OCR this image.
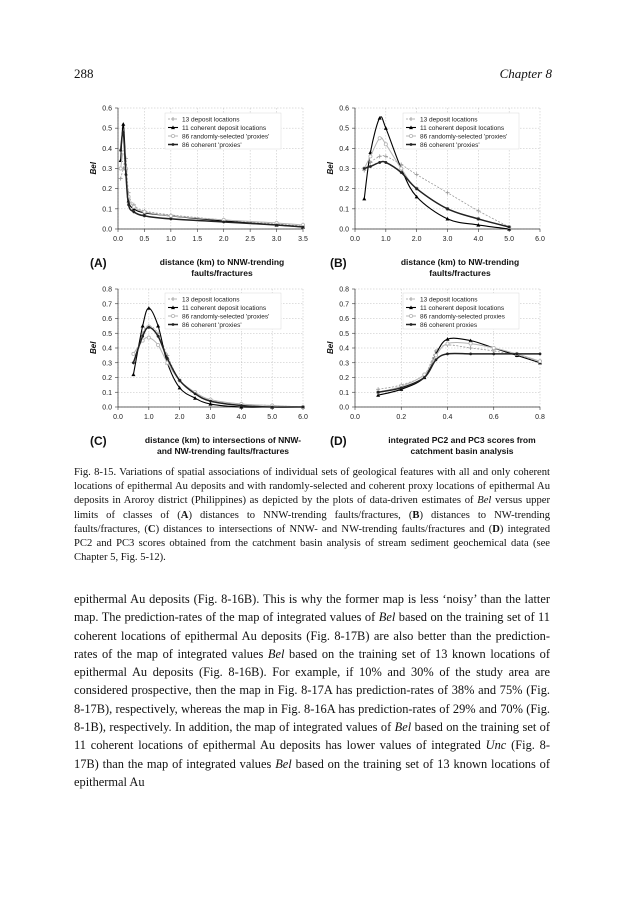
288	Chapter 8
0.0
0.1
0.2
0.3
0.4
0.5
0.6
0.0 0.5 1.0 1.5 2.0 2.5 3.0 3.5
Bel
13 deposit locations
11 coherent deposit locations
86 randomly-selected 'proxies'
86 coherent 'proxies'
(A)	distance (km) to NNW-trending
faults/fractures
0.0
0.1
0.2
0.3
0.4
0.5
0.6
0.0	1.0	2.0	3.0	4.0	5.0	6.0
Bel
13 deposit locations
11 coherent deposit locations
86 randomly-selected 'proxies'
86 coherent 'proxies'
(B)	distance (km) to NW-trending
faults/fractures
0.0
0.1
0.2
0.3
0.4
0.5
0.6
0.7
0.8
0.0	1.0	2.0	3.0	4.0	5.0	6.0
Bel
13 deposit locations
11 coherent deposit locations
86 randomly-selected 'proxies'
86 coherent 'proxies'
(C)	distance (km) to intersections of NNW-
and NW-trending faults/fractures
0.0
0.1
0.2
0.3
0.4
0.5
0.6
0.7
0.8
0.0	0.2	0.4	0.6	0.8
Bel
13 deposit locations
11 coherent deposit locations
86 randomly-selected proxies
86 coherent proxies
(D)	integrated PC2 and PC3 scores from
catchment basin analysis
Fig. 8-15. Variations of spatial associations of individual sets of geological features with all and only coherent locations of epithermal Au deposits and with randomly-selected and coherent proxy locations of epithermal Au deposits in Aroroy district (Philippines) as depicted by the plots of data-driven estimates of Bel versus upper limits of classes of (A) distances to NNW-trending faults/fractures, (B) distances to NW-trending faults/fractures, (C) distances to intersections of NNW- and NW-trending faults/fractures and (D) integrated PC2 and PC3 scores obtained from the catchment basin analysis of stream sediment geochemical data (see Chapter 5, Fig. 5-12).
epithermal Au deposits (Fig. 8-16B). This is why the former map is less ‘noisy’ than the latter map. The prediction-rates of the map of integrated values of Bel based on the training set of 11 coherent locations of epithermal Au deposits (Fig. 8-17B) are also better than the prediction-rates of the map of integrated values Bel based on the training set of 13 known locations of epithermal Au deposits (Fig. 8-16B). For example, if 10% and 30% of the study area are considered prospective, then the map in Fig. 8-17A has prediction-rates of 38% and 75% (Fig. 8-17B), respectively, whereas the map in Fig. 8-16A has prediction-rates of 29% and 70% (Fig. 8-1B), respectively. In addition, the map of integrated values of Bel based on the training set of 11 coherent locations of epithermal Au deposits has lower values of integrated Unc (Fig. 8-17B) than the map of integrated values Bel based on the training set of 13 known locations of epithermal Au
